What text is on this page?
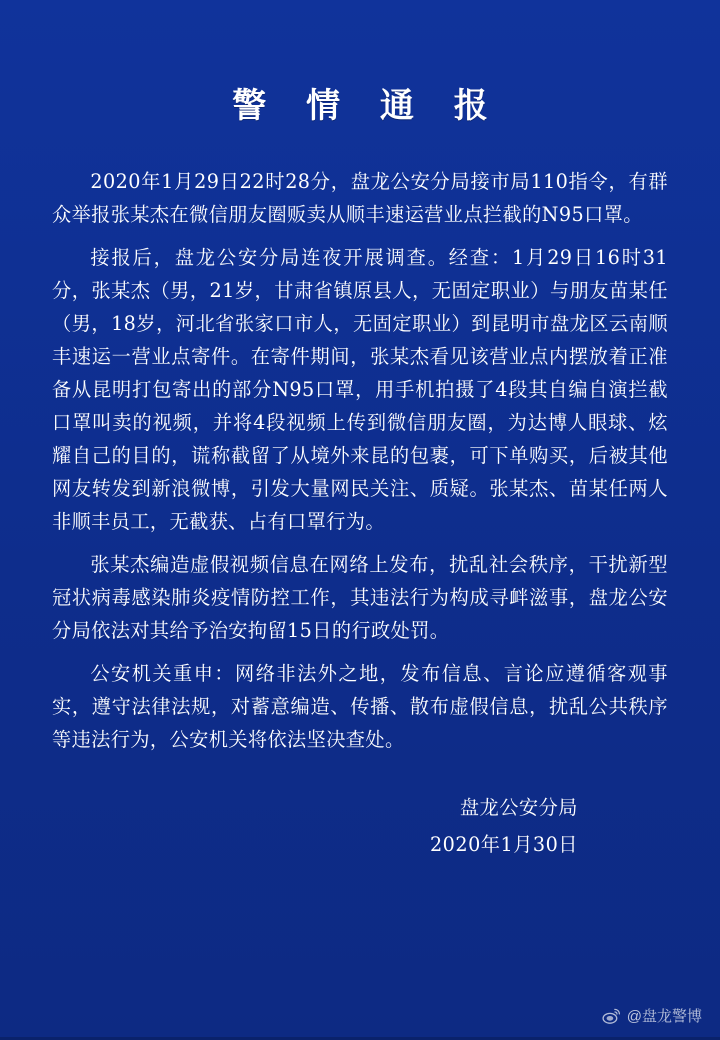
警 情 通 报

2020年1月29日22时28分，盘龙公安分局接市局110指令，有群众举报张某杰在微信朋友圈贩卖从顺丰速运营业点拦截的N95口罩。

接报后，盘龙公安分局连夜开展调查。经查：1月29日16时31分，张某杰（男，21岁，甘肃省镇原县人，无固定职业）与朋友苗某任（男，18岁，河北省张家口市人，无固定职业）到昆明市盘龙区云南顺丰速运一营业点寄件。在寄件期间，张某杰看见该营业点内摆放着正准备从昆明打包寄出的部分N95口罩，用手机拍摄了4段其自编自演拦截口罩叫卖的视频，并将4段视频上传到微信朋友圈，为达博人眼球、炫耀自己的目的，谎称截留了从境外来昆的包裹，可下单购买，后被其他网友转发到新浪微博，引发大量网民关注、质疑。张某杰、苗某任两人非顺丰员工，无截获、占有口罩行为。

张某杰编造虚假视频信息在网络上发布，扰乱社会秩序，干扰新型冠状病毒感染肺炎疫情防控工作，其违法行为构成寻衅滋事，盘龙公安分局依法对其给予治安拘留15日的行政处罚。

公安机关重申：网络非法外之地，发布信息、言论应遵循客观事实，遵守法律法规，对蓄意编造、传播、散布虚假信息，扰乱公共秩序等违法行为，公安机关将依法坚决查处。

盘龙公安分局
2020年1月30日
@盘龙警博
